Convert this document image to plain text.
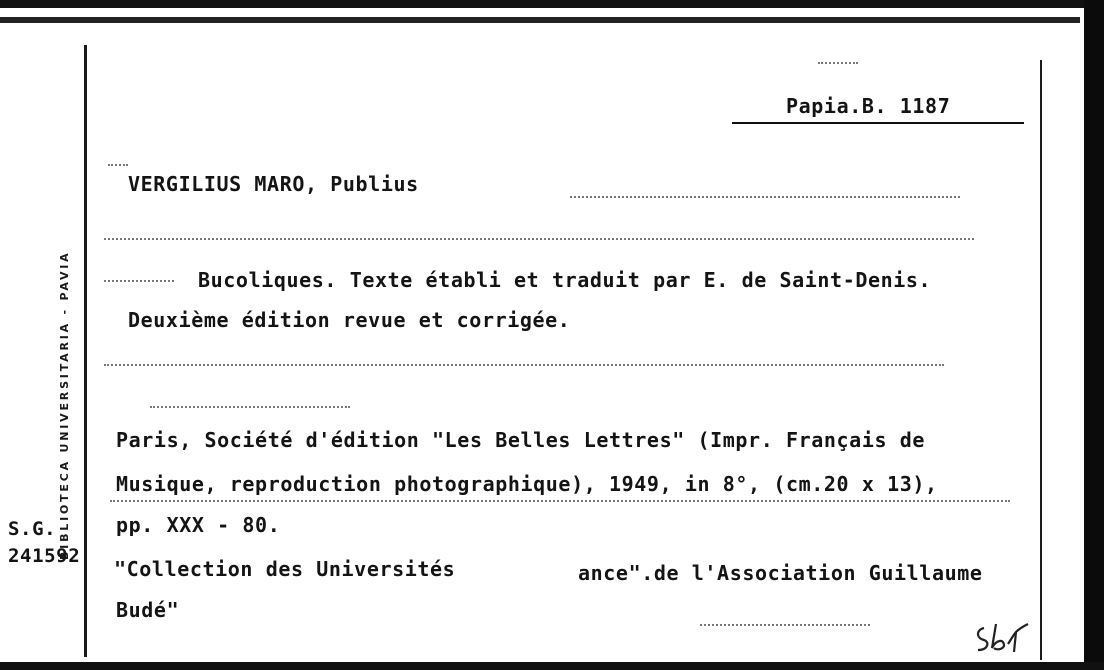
BIBLIOTECA UNIVERSITARIA - PAVIA
Papia.B. 1187
VERGILIUS MARO, Publius
Bucoliques. Texte établi et traduit par E. de Saint-Denis.
Deuxième édition revue et corrigée.
Paris, Société d'édition "Les Belles Lettres" (Impr. Français de
Musique, reproduction photographique), 1949, in 8°, (cm.20 x 13),
pp. XXX - 80.
"Collection des Universités	ance".de l'Association Guillaume
Budé"
S.G.
241592
